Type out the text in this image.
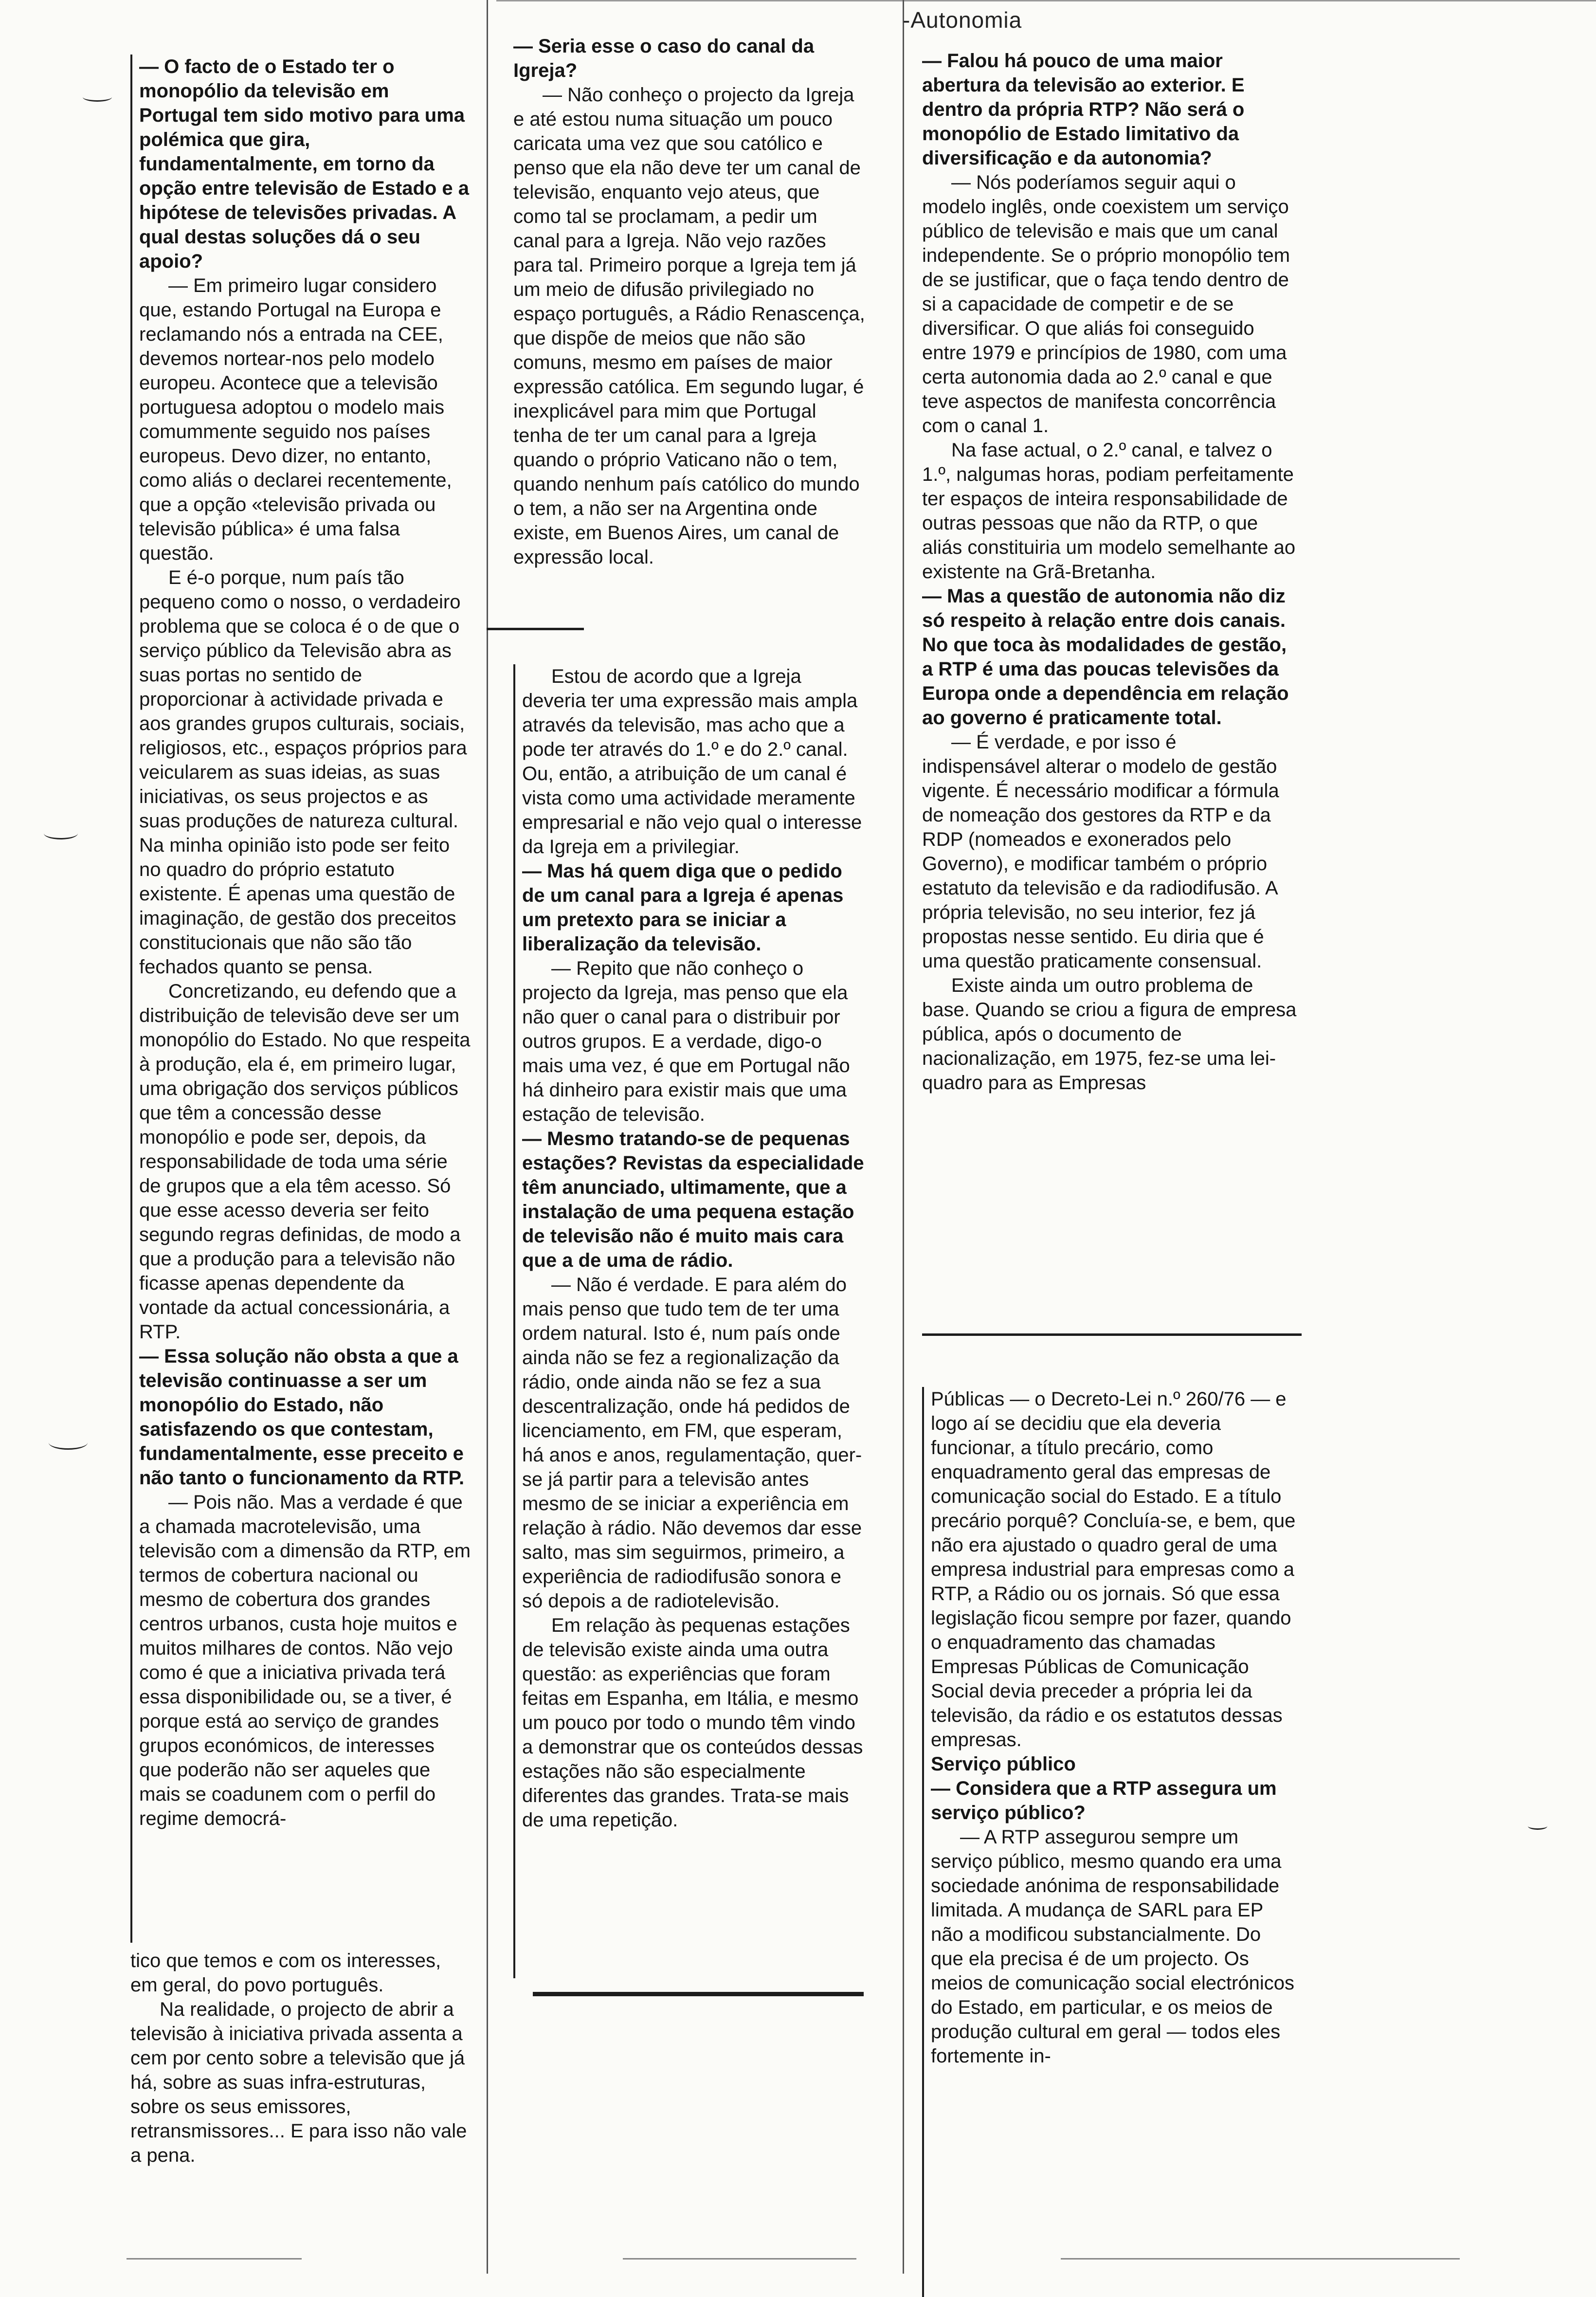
-Autonomia

— O facto de o Estado ter o monopólio da televisão em Portugal tem sido motivo para uma polémica que gira, fundamentalmente, em torno da opção entre televisão de Estado e a hipótese de televisões privadas. A qual destas soluções dá o seu apoio?

— Em primeiro lugar considero que, estando Portugal na Europa e reclamando nós a entrada na CEE, devemos nortear-nos pelo modelo europeu. Acontece que a televisão portuguesa adoptou o modelo mais comummente seguido nos países europeus. Devo dizer, no entanto, como aliás o declarei recentemente, que a opção «televisão privada ou televisão pública» é uma falsa questão.

E é-o porque, num país tão pequeno como o nosso, o verdadeiro problema que se coloca é o de que o serviço público da Televisão abra as suas portas no sentido de proporcionar à actividade privada e aos grandes grupos culturais, sociais, religiosos, etc., espaços próprios para veicularem as suas ideias, as suas iniciativas, os seus projectos e as suas produções de natureza cultural. Na minha opinião isto pode ser feito no quadro do próprio estatuto existente. É apenas uma questão de imaginação, de gestão dos preceitos constitucionais que não são tão fechados quanto se pensa.

Concretizando, eu defendo que a distribuição de televisão deve ser um monopólio do Estado. No que respeita à produção, ela é, em primeiro lugar, uma obrigação dos serviços públicos que têm a concessão desse monopólio e pode ser, depois, da responsabilidade de toda uma série de grupos que a ela têm acesso. Só que esse acesso deveria ser feito segundo regras definidas, de modo a que a produção para a televisão não ficasse apenas dependente da vontade da actual concessionária, a RTP.

— Essa solução não obsta a que a televisão continuasse a ser um monopólio do Estado, não satisfazendo os que contestam, fundamentalmente, esse preceito e não tanto o funcionamento da RTP.

— Pois não. Mas a verdade é que a chamada macrotelevisão, uma televisão com a dimensão da RTP, em termos de cobertura nacional ou mesmo de cobertura dos grandes centros urbanos, custa hoje muitos e muitos milhares de contos. Não vejo como é que a iniciativa privada terá essa disponibilidade ou, se a tiver, é porque está ao serviço de grandes grupos económicos, de interesses que poderão não ser aqueles que mais se coadunem com o perfil do regime democrá-

tico que temos e com os interesses, em geral, do povo português.

Na realidade, o projecto de abrir a televisão à iniciativa privada assenta a cem por cento sobre a televisão que já há, sobre as suas infra-estruturas, sobre os seus emissores, retransmissores... E para isso não vale a pena.

— Seria esse o caso do canal da Igreja?

— Não conheço o projecto da Igreja e até estou numa situação um pouco caricata uma vez que sou católico e penso que ela não deve ter um canal de televisão, enquanto vejo ateus, que como tal se proclamam, a pedir um canal para a Igreja. Não vejo razões para tal. Primeiro porque a Igreja tem já um meio de difusão privilegiado no espaço português, a Rádio Renascença, que dispõe de meios que não são comuns, mesmo em países de maior expressão católica. Em segundo lugar, é inexplicável para mim que Portugal tenha de ter um canal para a Igreja quando o próprio Vaticano não o tem, quando nenhum país católico do mundo o tem, a não ser na Argentina onde existe, em Buenos Aires, um canal de expressão local.

Estou de acordo que a Igreja deveria ter uma expressão mais ampla através da televisão, mas acho que a pode ter através do 1.º e do 2.º canal. Ou, então, a atribuição de um canal é vista como uma actividade meramente empresarial e não vejo qual o interesse da Igreja em a privilegiar.

— Mas há quem diga que o pedido de um canal para a Igreja é apenas um pretexto para se iniciar a liberalização da televisão.

— Repito que não conheço o projecto da Igreja, mas penso que ela não quer o canal para o distribuir por outros grupos. E a verdade, digo-o mais uma vez, é que em Portugal não há dinheiro para existir mais que uma estação de televisão.

— Mesmo tratando-se de pequenas estações? Revistas da especialidade têm anunciado, ultimamente, que a instalação de uma pequena estação de televisão não é muito mais cara que a de uma de rádio.

— Não é verdade. E para além do mais penso que tudo tem de ter uma ordem natural. Isto é, num país onde ainda não se fez a regionalização da rádio, onde ainda não se fez a sua descentralização, onde há pedidos de licenciamento, em FM, que esperam, há anos e anos, regulamentação, quer-se já partir para a televisão antes mesmo de se iniciar a experiência em relação à rádio. Não devemos dar esse salto, mas sim seguirmos, primeiro, a experiência de radiodifusão sonora e só depois a de radiotelevisão.

Em relação às pequenas estações de televisão existe ainda uma outra questão: as experiências que foram feitas em Espanha, em Itália, e mesmo um pouco por todo o mundo têm vindo a demonstrar que os conteúdos dessas estações não são especialmente diferentes das grandes. Trata-se mais de uma repetição.

— Falou há pouco de uma maior abertura da televisão ao exterior. E dentro da própria RTP? Não será o monopólio de Estado limitativo da diversificação e da autonomia?

— Nós poderíamos seguir aqui o modelo inglês, onde coexistem um serviço público de televisão e mais que um canal independente. Se o próprio monopólio tem de se justificar, que o faça tendo dentro de si a capacidade de competir e de se diversificar. O que aliás foi conseguido entre 1979 e princípios de 1980, com uma certa autonomia dada ao 2.º canal e que teve aspectos de manifesta concorrência com o canal 1.

Na fase actual, o 2.º canal, e talvez o 1.º, nalgumas horas, podiam perfeitamente ter espaços de inteira responsabilidade de outras pessoas que não da RTP, o que aliás constituiria um modelo semelhante ao existente na Grã-Bretanha.

— Mas a questão de autonomia não diz só respeito à relação entre dois canais. No que toca às modalidades de gestão, a RTP é uma das poucas televisões da Europa onde a dependência em relação ao governo é praticamente total.

— É verdade, e por isso é indispensável alterar o modelo de gestão vigente. É necessário modificar a fórmula de nomeação dos gestores da RTP e da RDP (nomeados e exonerados pelo Governo), e modificar também o próprio estatuto da televisão e da radiodifusão. A própria televisão, no seu interior, fez já propostas nesse sentido. Eu diria que é uma questão praticamente consensual.

Existe ainda um outro problema de base. Quando se criou a figura de empresa pública, após o documento de nacionalização, em 1975, fez-se uma lei-quadro para as Empresas

Públicas — o Decreto-Lei n.º 260/76 — e logo aí se decidiu que ela deveria funcionar, a título precário, como enquadramento geral das empresas de comunicação social do Estado. E a título precário porquê? Concluía-se, e bem, que não era ajustado o quadro geral de uma empresa industrial para empresas como a

RTP, a Rádio ou os jornais. Só que essa legislação ficou sempre por fazer, quando o enquadramento das chamadas Empresas Públicas de Comunicação Social devia preceder a própria lei da televisão, da rádio e os estatutos dessas empresas.

Serviço público

— Considera que a RTP assegura um serviço público?

— A RTP assegurou sempre um serviço público, mesmo quando era uma sociedade anónima de responsabilidade limitada. A mudança de SARL para EP não a modificou substancialmente. Do que ela precisa é de um projecto. Os meios de comunicação social electrónicos do Estado, em particular, e os meios de produção cultural em geral — todos eles fortemente in-
